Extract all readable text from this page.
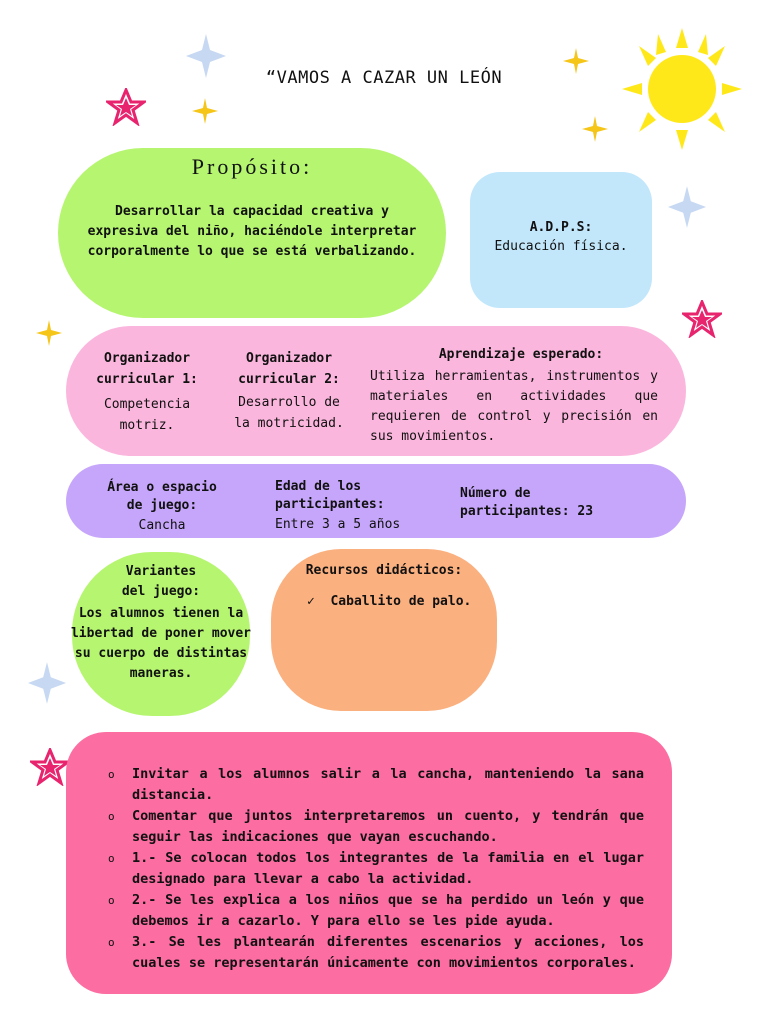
“VAMOS A CAZAR UN LEÓN
Propósito:
Desarrollar la capacidad creativa y expresiva del niño, haciéndole interpretar corporalmente lo que se está verbalizando.
A.D.P.S:
Educación física.
Organizador
curricular 1:
Competencia
motriz.
Organizador
curricular 2:
Desarrollo de
la motricidad.
Aprendizaje esperado:
Utiliza herramientas, instrumentos y materiales en actividades que requieren de control y precisión en sus movimientos.
Área o espacio
de juego:
Cancha
Edad de los
participantes:
Entre 3 a 5 años
Número de
participantes: 23
Variantes
del juego:
Los alumnos tienen la libertad de poner mover su cuerpo de distintas maneras.
Recursos didácticos:
✓ Caballito de palo.
o Invitar a los alumnos salir a la cancha, manteniendo la sana distancia.
o Comentar que juntos interpretaremos un cuento, y tendrán que seguir las indicaciones que vayan escuchando.
o 1.- Se colocan todos los integrantes de la familia en el lugar designado para llevar a cabo la actividad.
o 2.- Se les explica a los niños que se ha perdido un león y que debemos ir a cazarlo. Y para ello se les pide ayuda.
o 3.- Se les plantearán diferentes escenarios y acciones, los cuales se representarán únicamente con movimientos corporales.
